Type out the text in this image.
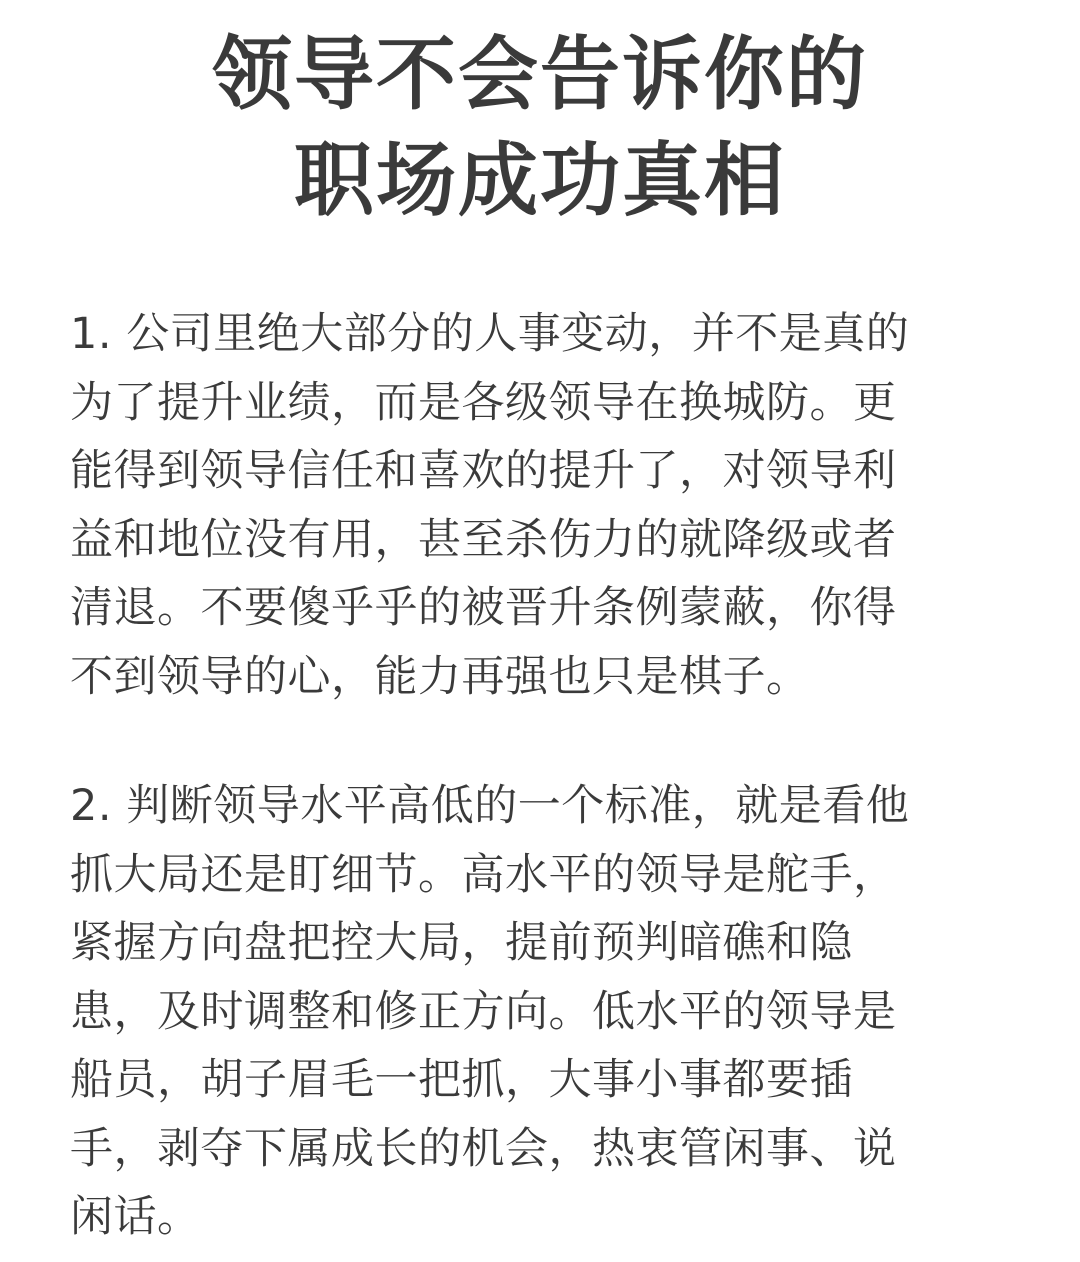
领导不会告诉你的
职场成功真相
1. 公司里绝大部分的人事变动，并不是真的
为了提升业绩，而是各级领导在换城防。更
能得到领导信任和喜欢的提升了，对领导利
益和地位没有用，甚至杀伤力的就降级或者
清退。不要傻乎乎的被晋升条例蒙蔽，你得
不到领导的心，能力再强也只是棋子。
2. 判断领导水平高低的一个标准，就是看他
抓大局还是盯细节。高水平的领导是舵手，
紧握方向盘把控大局，提前预判暗礁和隐
患，及时调整和修正方向。低水平的领导是
船员，胡子眉毛一把抓，大事小事都要插
手，剥夺下属成长的机会，热衷管闲事、说
闲话。
